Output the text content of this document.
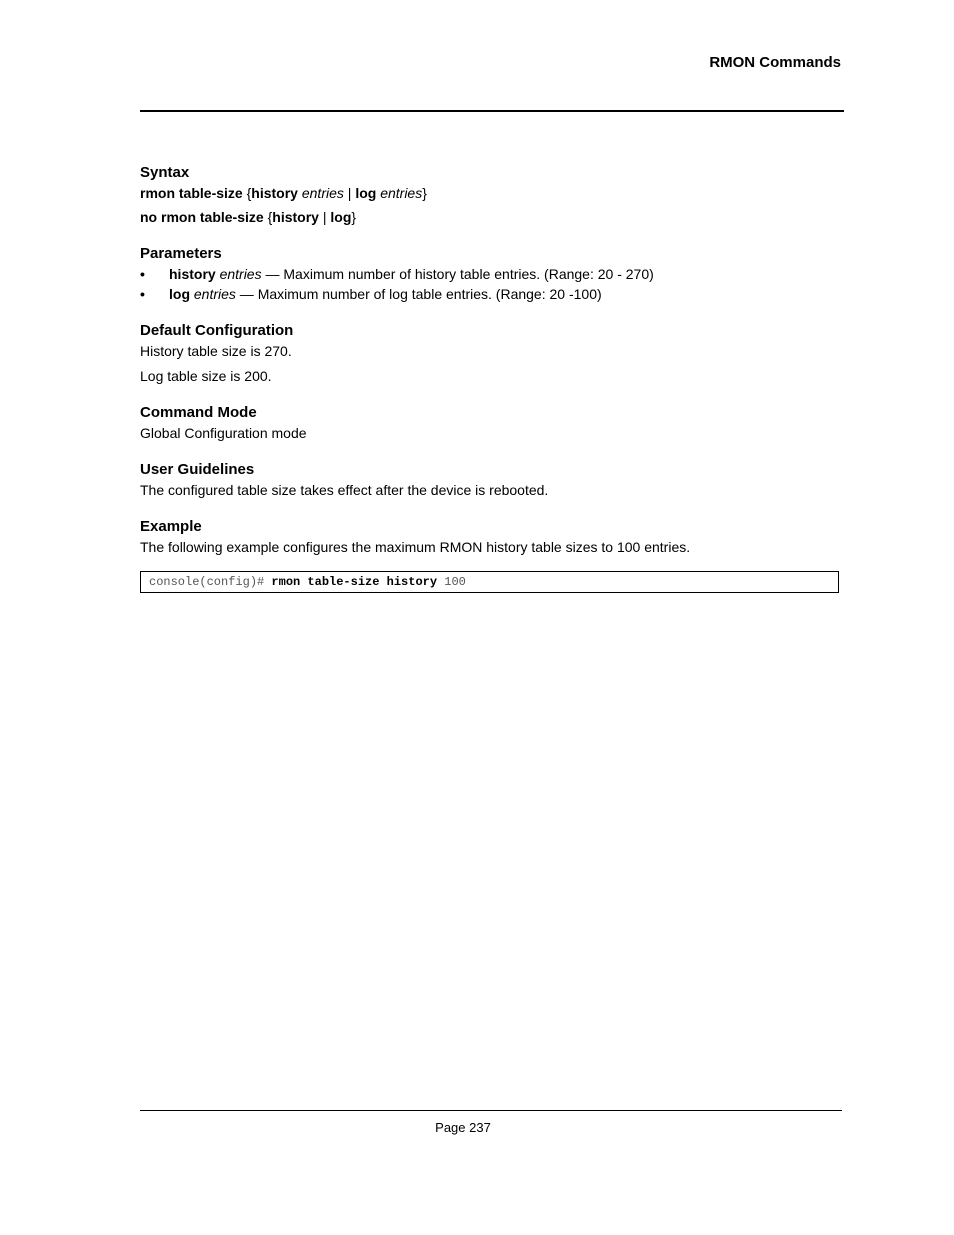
RMON Commands
Syntax
rmon table-size {history entries | log entries}
no rmon table-size {history | log}
Parameters
• history entries — Maximum number of history table entries. (Range: 20 - 270)
• log entries — Maximum number of log table entries. (Range: 20 -100)
Default Configuration

History table size is 270.

Log table size is 200.

Command Mode

Global Configuration mode

User Guidelines

The configured table size takes effect after the device is rebooted.

Example

The following example configures the maximum RMON history table sizes to 100 entries.

console(config)# rmon table-size history 100
Page 237
